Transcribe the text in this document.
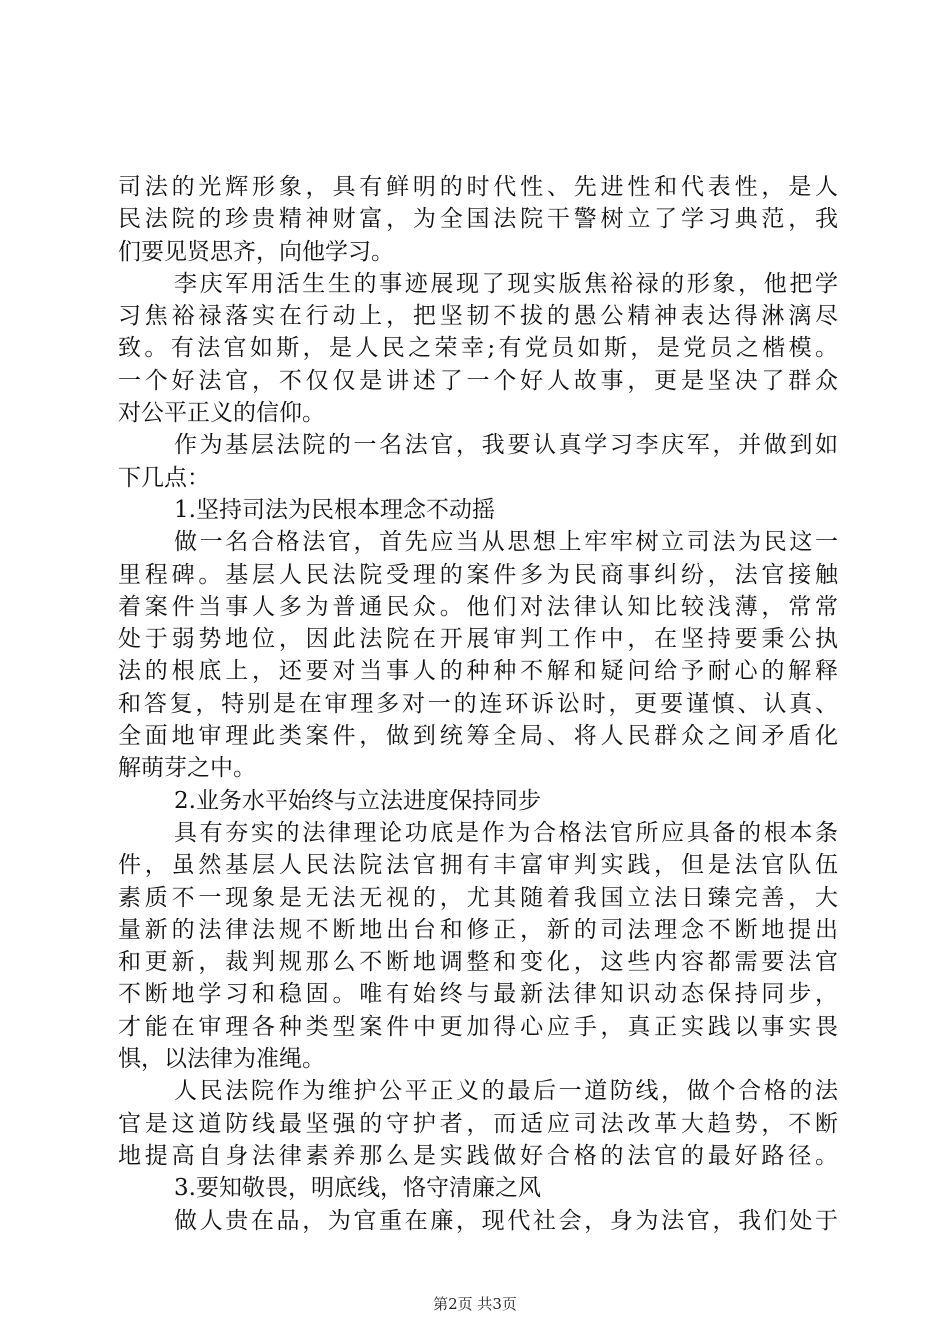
司法的光辉形象，具有鲜明的时代性、先进性和代表性，是人
民法院的珍贵精神财富，为全国法院干警树立了学习典范，我
们要见贤思齐，向他学习。
李庆军用活生生的事迹展现了现实版焦裕禄的形象，他把学
习焦裕禄落实在行动上，把坚韧不拔的愚公精神表达得淋漓尽
致。有法官如斯，是人民之荣幸;有党员如斯，是党员之楷模。
一个好法官，不仅仅是讲述了一个好人故事，更是坚决了群众
对公平正义的信仰。
作为基层法院的一名法官，我要认真学习李庆军，并做到如
下几点：
1.坚持司法为民根本理念不动摇
做一名合格法官，首先应当从思想上牢牢树立司法为民这一
里程碑。基层人民法院受理的案件多为民商事纠纷，法官接触
着案件当事人多为普通民众。他们对法律认知比较浅薄，常常
处于弱势地位，因此法院在开展审判工作中，在坚持要秉公执
法的根底上，还要对当事人的种种不解和疑问给予耐心的解释
和答复，特别是在审理多对一的连环诉讼时，更要谨慎、认真、
全面地审理此类案件，做到统筹全局、将人民群众之间矛盾化
解萌芽之中。
2.业务水平始终与立法进度保持同步
具有夯实的法律理论功底是作为合格法官所应具备的根本条
件，虽然基层人民法院法官拥有丰富审判实践，但是法官队伍
素质不一现象是无法无视的，尤其随着我国立法日臻完善，大
量新的法律法规不断地出台和修正，新的司法理念不断地提出
和更新，裁判规那么不断地调整和变化，这些内容都需要法官
不断地学习和稳固。唯有始终与最新法律知识动态保持同步，
才能在审理各种类型案件中更加得心应手，真正实践以事实畏
惧，以法律为准绳。
人民法院作为维护公平正义的最后一道防线，做个合格的法
官是这道防线最坚强的守护者，而适应司法改革大趋势，不断
地提高自身法律素养那么是实践做好合格的法官的最好路径。
3.要知敬畏，明底线，恪守清廉之风
做人贵在品，为官重在廉，现代社会，身为法官，我们处于
第2页 共3页
